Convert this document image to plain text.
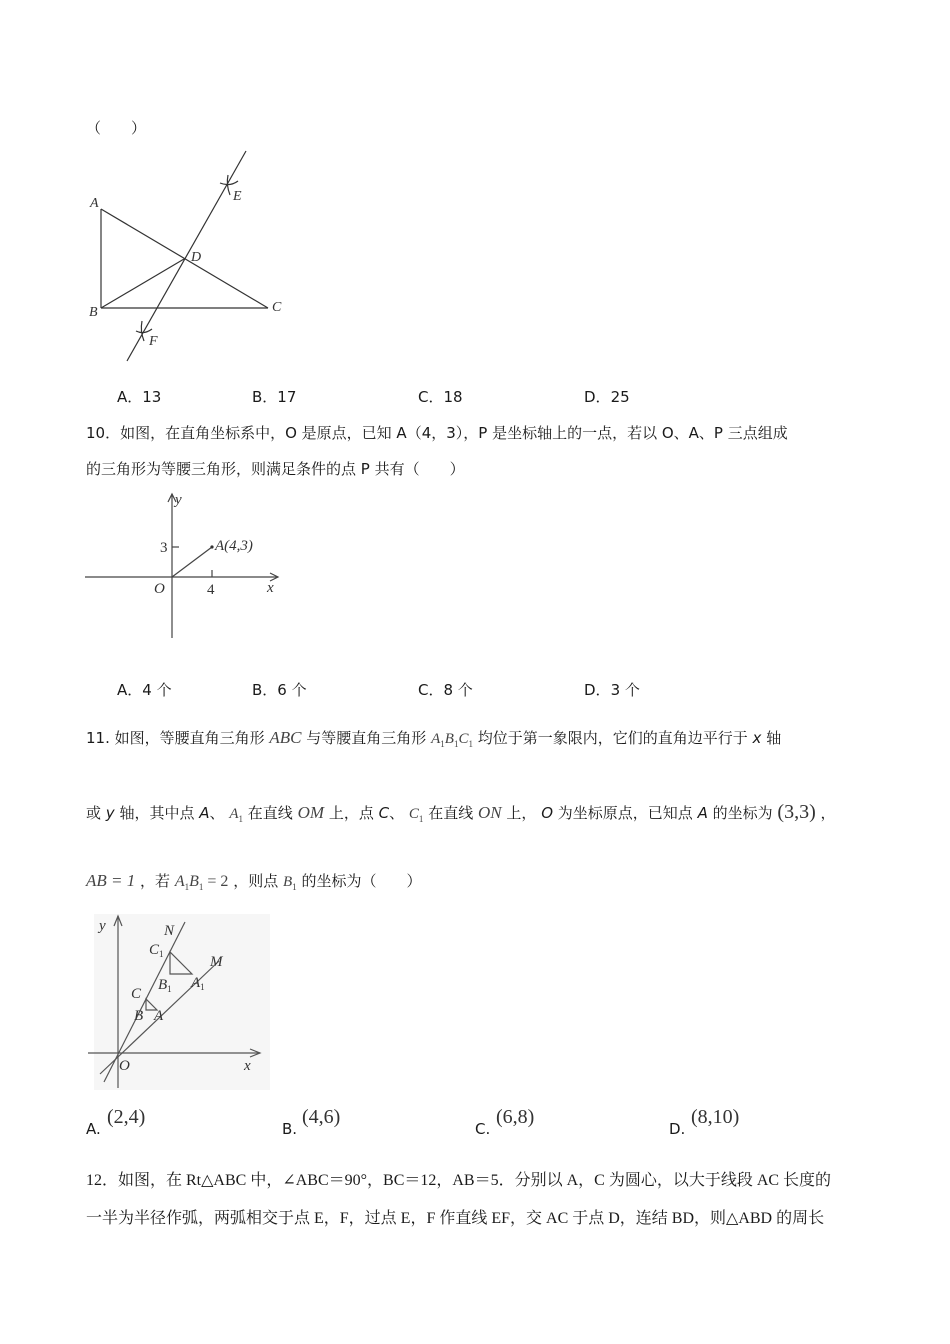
（　　）
A
B	C
D
E
F
A．13	B．17	C．18	D．25
10．如图，在直角坐标系中，O 是原点，已知 A（4，3），P 是坐标轴上的一点，若以 O、A、P 三点组成
的三角形为等腰三角形，则满足条件的点 P 共有（　　）
y
x
O
3
4
A(4,3)
A．4 个	B．6 个	C．8 个	D．3 个
11. 如图，等腰直角三角形 ABC 与等腰直角三角形 $A_1B_1C_1$ 均位于第一象限内，它们的直角边平行于 x 轴
或 y 轴，其中点 A、 $A_1$ 在直线 OM 上，点 C、 $C_1$ 在直线 ON 上， O 为坐标原点，已知点 A 的坐标为 (3,3) ，
AB = 1 ，若 $A_1B_1 = 2$ ，则点 $B_1$ 的坐标为（　　）
y
x
O
N
M
$C_1$
$B_1$ $A_1$
C
B A
A.
(2,4)
B.
(4,6)
C.
(6,8)
D.
(8,10)
12．如图，在 Rt△ABC 中，∠ABC＝90°，BC＝12，AB＝5．分别以 A，C 为圆心，以大于线段 AC 长度的
一半为半径作弧，两弧相交于点 E，F，过点 E，F 作直线 EF，交 AC 于点 D，连结 BD，则△ABD 的周长
